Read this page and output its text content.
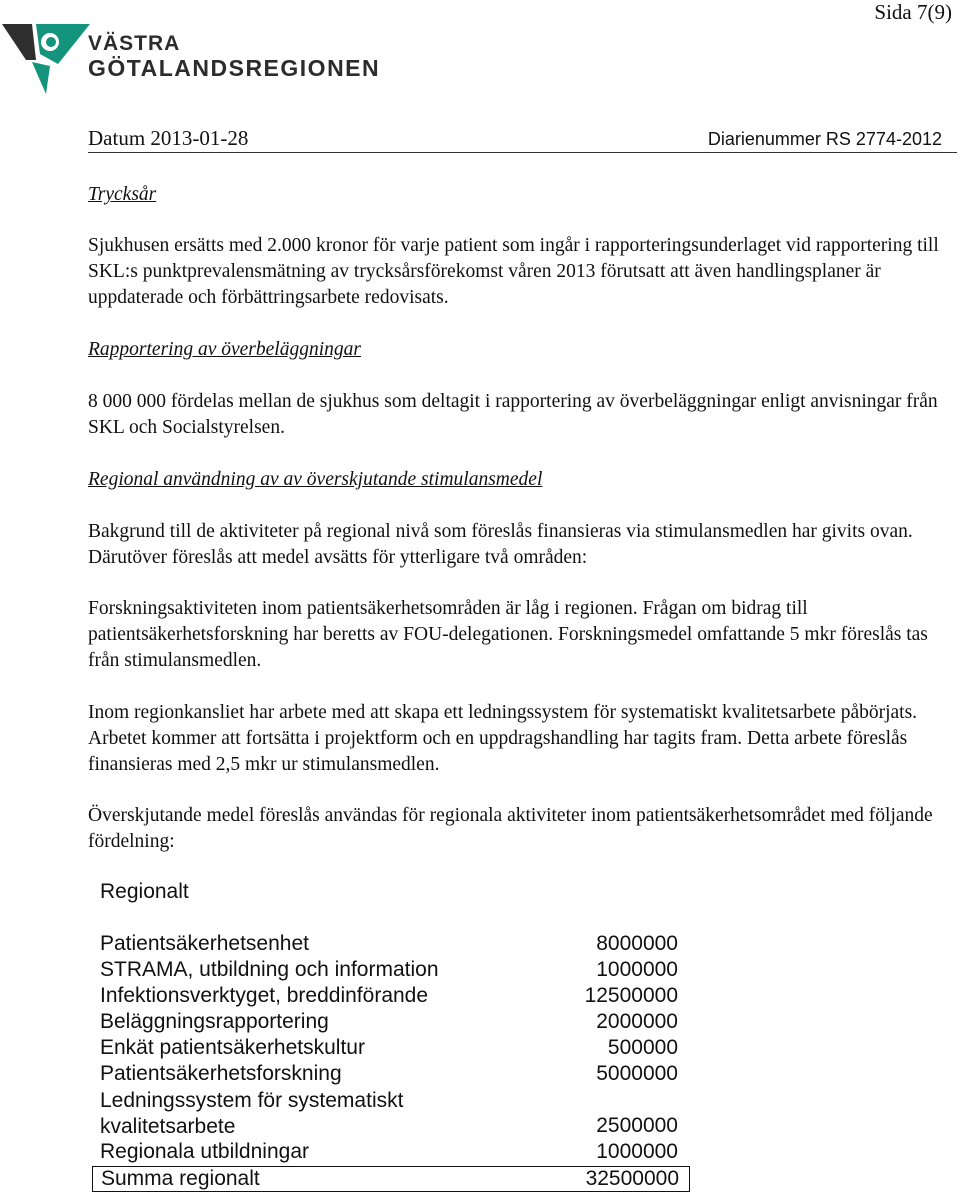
Sida 7(9)
VÄSTRA
GÖTALANDSREGIONEN
Datum 2013-01-28	Diarienummer RS 2774-2012

Trycksår

Sjukhusen ersätts med 2.000 kronor för varje patient som ingår i rapporteringsunderlaget vid rapportering till SKL:s punktprevalensmätning av trycksårsförekomst våren 2013 förutsatt att även handlingsplaner är uppdaterade och förbättringsarbete redovisats.

Rapportering av överbeläggningar

8 000 000 fördelas mellan de sjukhus som deltagit i rapportering av överbeläggningar enligt anvisningar från SKL och Socialstyrelsen.

Regional användning av av överskjutande stimulansmedel

Bakgrund till de aktiviteter på regional nivå som föreslås finansieras via stimulansmedlen har givits ovan. Därutöver föreslås att medel avsätts för ytterligare två områden:

Forskningsaktiviteten inom patientsäkerhetsområden är låg i regionen. Frågan om bidrag till patientsäkerhetsforskning har beretts av FOU-delegationen. Forskningsmedel omfattande 5 mkr föreslås tas från stimulansmedlen.

Inom regionkansliet har arbete med att skapa ett ledningssystem för systematiskt kvalitetsarbete påbörjats. Arbetet kommer att fortsätta i projektform och en uppdragshandling har tagits fram. Detta arbete föreslås finansieras med 2,5 mkr ur stimulansmedlen.

Överskjutande medel föreslås användas för regionala aktiviteter inom patientsäkerhetsområdet med följande fördelning:

Regionalt
Patientsäkerhetsenhet	8000000
STRAMA, utbildning och information	1000000
Infektionsverktyget, breddinförande	12500000
Beläggningsrapportering	2000000
Enkät patientsäkerhetskultur	500000
Patientsäkerhetsforskning	5000000
Ledningssystem för systematiskt
kvalitetsarbete	2500000
Regionala utbildningar	1000000
Summa regionalt	32500000
